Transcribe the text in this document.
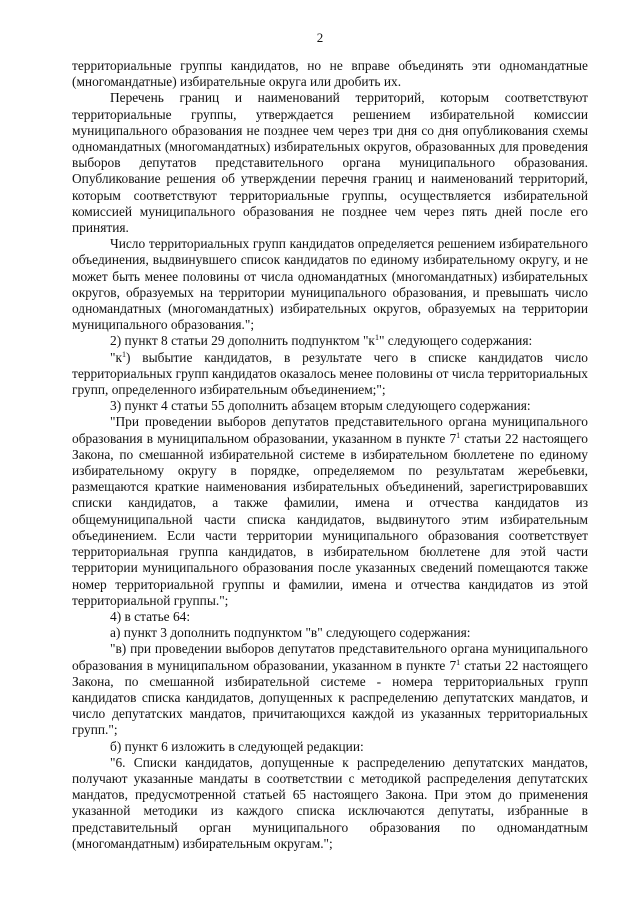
2

территориальные группы кандидатов, но не вправе объединять эти одномандатные (многомандатные) избирательные округа или дробить их.

Перечень границ и наименований территорий, которым соответствуют территориальные группы, утверждается решением избирательной комиссии муниципального образования не позднее чем через три дня со дня опубликования схемы одномандатных (многомандатных) избирательных округов, образованных для проведения выборов депутатов представительного органа муниципального образования. Опубликование решения об утверждении перечня границ и наименований территорий, которым соответствуют территориальные группы, осуществляется избирательной комиссией муниципального образования не позднее чем через пять дней после его принятия.

Число территориальных групп кандидатов определяется решением избирательного объединения, выдвинувшего список кандидатов по единому избирательному округу, и не может быть менее половины от числа одномандатных (многомандатных) избирательных округов, образуемых на территории муниципального образования, и превышать число одномандатных (многомандатных) избирательных округов, образуемых на территории муниципального образования.";

2) пункт 8 статьи 29 дополнить подпунктом "$к^1$" следующего содержания:

"$к^1$) выбытие кандидатов, в результате чего в списке кандидатов число территориальных групп кандидатов оказалось менее половины от числа территориальных групп, определенного избирательным объединением;";

3) пункт 4 статьи 55 дополнить абзацем вторым следующего содержания:

"При проведении выборов депутатов представительного органа муниципального образования в муниципальном образовании, указанном в пункте $7^1$ статьи 22 настоящего Закона, по смешанной избирательной системе в избирательном бюллетене по единому избирательному округу в порядке, определяемом по результатам жеребьевки, размещаются краткие наименования избирательных объединений, зарегистрировавших списки кандидатов, а также фамилии, имена и отчества кандидатов из общемуниципальной части списка кандидатов, выдвинутого этим избирательным объединением. Если части территории муниципального образования соответствует территориальная группа кандидатов, в избирательном бюллетене для этой части территории муниципального образования после указанных сведений помещаются также номер территориальной группы и фамилии, имена и отчества кандидатов из этой территориальной группы.";

4) в статье 64:

а) пункт 3 дополнить подпунктом "в" следующего содержания:

"в) при проведении выборов депутатов представительного органа муниципального образования в муниципальном образовании, указанном в пункте $7^1$ статьи 22 настоящего Закона, по смешанной избирательной системе - номера территориальных групп кандидатов списка кандидатов, допущенных к распределению депутатских мандатов, и число депутатских мандатов, причитающихся каждой из указанных территориальных групп.";

б) пункт 6 изложить в следующей редакции:

"6. Списки кандидатов, допущенные к распределению депутатских мандатов, получают указанные мандаты в соответствии с методикой распределения депутатских мандатов, предусмотренной статьей 65 настоящего Закона. При этом до применения указанной методики из каждого списка исключаются депутаты, избранные в представительный орган муниципального образования по одномандатным (многомандатным) избирательным округам.";
